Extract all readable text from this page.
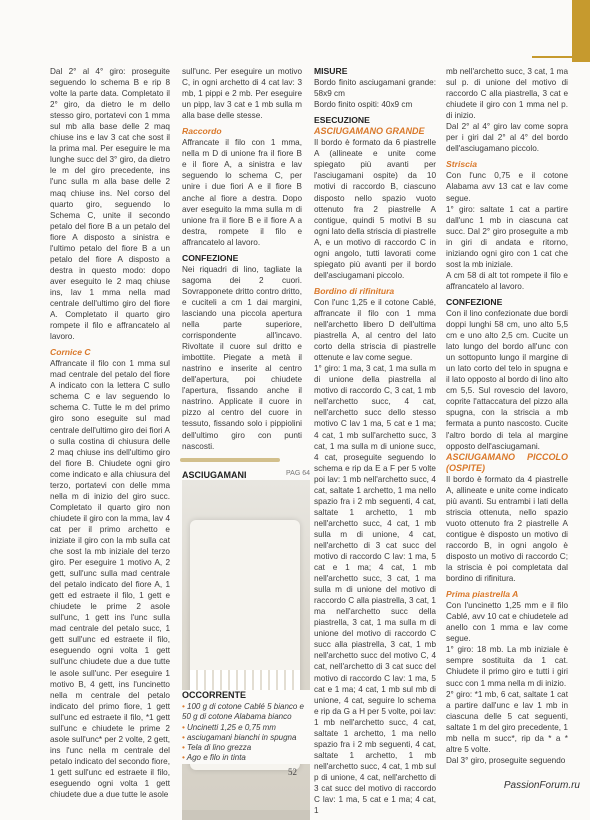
Dal 2° al 4° giro: proseguite seguendo lo schema B e rip 8 volte la parte data. Completato il 2° giro, da dietro le m dello stesso giro, portatevi con 1 mma sul mb alla base delle 2 maq chiuse ins e lav 3 cat che sost il la prima mal. Per eseguire le ma lunghe succ del 3° giro, da dietro le m del giro precedente, ins l'unc sulla m alla base delle 2 maq chiuse ins. Nel corso del quarto giro, seguendo lo Schema C, unite il secondo petalo del fiore B a un petalo del fiore A disposto a sinistra e l'ultimo petalo del fiore B a un petalo del fiore A disposto a destra in questo modo: dopo aver eseguito le 2 maq chiuse ins, lav 1 mma nella mad centrale dell'ultimo giro del fiore A. Completato il quarto giro rompete il filo e affrancatelo al lavoro.

Cornice C

Affrancate il filo con 1 mma sul mad centrale del petalo del fiore A indicato con la lettera C sullo schema C e lav seguendo lo schema C. Tutte le m del primo giro sono eseguite sul mad centrale dell'ultimo giro dei fiori A o sulla costina di chiusura delle 2 maq chiuse ins dell'ultimo giro del fiore B. Chiudete ogni giro come indicato e alla chiusura del terzo, portatevi con delle mma nella m di inizio del giro succ. Completato il quarto giro non chiudete il giro con la mma, lav 4 cat per il primo archetto e iniziate il giro con la mb sulla cat che sost la mb iniziale del terzo giro. Per eseguire 1 motivo A, 2 gett, sull'unc sulla mad centrale del petalo indicato del fiore A, 1 gett ed estraete il filo, 1 gett e chiudete le prime 2 asole sull'unc, 1 gett ins l'unc sulla mad centrale del petalo succ, 1 gett sull'unc ed estraete il filo, eseguendo ogni volta 1 gett sull'unc chiudete due a due tutte le asole sull'unc. Per eseguire 1 motivo B, 4 gett, ins l'uncinetto nella m centrale del petalo indicato del primo fiore, 1 gett sull'unc ed estraete il filo, *1 gett sull'unc e chiudete le prime 2 asole sull'unc* per 2 volte, 2 gett, ins l'unc nella m centrale del petalo indicato del secondo fiore, 1 gett sull'unc ed estraete il filo, eseguendo ogni volta 1 gett chiudete due a due tutte le asole

sull'unc. Per eseguire un motivo C, in ogni archetto di 4 cat lav: 3 mb, 1 pippi e 2 mb. Per eseguire un pipp, lav 3 cat e 1 mb sulla m alla base delle stesse.

Raccordo

Affrancate il filo con 1 mma, nella m D di unione fra il fiore B e il fiore A, a sinistra e lav seguendo lo schema C, per unire i due fiori A e il fiore B anche al fiore a destra. Dopo aver eseguito la mma sulla m di unione fra il fiore B e il fiore A a destra, rompete il filo e affrancatelo al lavoro.

CONFEZIONE

Nei riquadri di lino, tagliate la sagoma dei 2 cuori. Sovrapponete dritto contro dritto, e cuciteli a cm 1 dai margini, lasciando una piccola apertura nella parte superiore, corrispondente all'incavo. Rivoltate il cuore sul dritto e imbottite. Piegate a metà il nastrino e inserite al centro dell'apertura, poi chiudete l'apertura, fissando anche il nastrino. Applicate il cuore in pizzo al centro del cuore in tessuto, fissando solo i pippiolini dell'ultimo giro con punti nascosti.

ASCIUGAMANI	PAG 64
OCCORRENTE
• 100 g di cotone Cablé 5 bianco e 50 g di cotone Alabama bianco
• Uncinetti 1,25 e 0,75 mm
• asciugamani bianchi in spugna
• Tela di lino grezza
• Ago e filo in tinta
MISURE

Bordo finito asciugamani grande: 58x9 cm
Bordo finito ospiti: 40x9 cm

ESECUZIONE
ASCIUGAMANO GRANDE

Il bordo è formato da 6 piastrelle A (allineate e unite come spiegato più avanti per l'asciugamani ospite) da 10 motivi di raccordo B, ciascuno disposto nello spazio vuoto ottenuto fra 2 piastrelle A contigue, quindi 5 motivi B su ogni lato della striscia di piastrelle A, e un motivo di raccordo C in ogni angolo, tutti lavorati come spiegato più avanti per il bordo dell'asciugamani piccolo.

Bordino di rifinitura

Con l'unc 1,25 e il cotone Cablé, affrancate il filo con 1 mma nell'archetto libero D dell'ultima piastrella A, al centro del lato corto della striscia di piastrelle ottenute e lav come segue.

1° giro: 1 ma, 3 cat, 1 ma sulla m di unione della piastrella al motivo di raccordo C, 3 cat, 1 mb nell'archetto succ, 4 cat, nell'archetto succ dello stesso motivo C lav 1 ma, 5 cat e 1 ma; 4 cat, 1 mb sull'archetto succ, 3 cat, 1 ma sulla m di unione succ, 4 cat, proseguite seguendo lo schema e rip da E a F per 5 volte poi lav: 1 mb nell'archetto succ, 4 cat, saltate 1 archetto, 1 ma nello spazio fra i 2 mb seguenti, 4 cat, saltate 1 archetto, 1 mb nell'archetto succ, 4 cat, 1 mb sulla m di unione, 4 cat, nell'archetto di 3 cat succ del motivo di raccordo C lav: 1 ma, 5 cat e 1 ma; 4 cat, 1 mb nell'archetto succ, 3 cat, 1 ma sulla m di unione del motivo di raccordo C alla piastrella, 3 cat, 1 ma nell'archetto succ della piastrella, 3 cat, 1 ma sulla m di unione del motivo di raccordo C succ alla piastrella, 3 cat, 1 mb nell'archetto succ del motivo C, 4 cat, nell'archetto di 3 cat succ del motivo di raccordo C lav: 1 ma, 5 cat e 1 ma; 4 cat, 1 mb sul mb di unione, 4 cat, seguire lo schema e rip da G a H per 5 volte, poi lav: 1 mb nell'archetto succ, 4 cat, saltate 1 archetto, 1 ma nello spazio fra i 2 mb seguenti, 4 cat, saltate 1 archetto, 1 mb nell'archetto succ, 4 cat, 1 mb sul p di unione, 4 cat, nell'archetto di 3 cat succ del motivo di raccordo C lav: 1 ma, 5 cat e 1 ma; 4 cat, 1

mb nell'archetto succ, 3 cat, 1 ma sul p. di unione del motivo di raccordo C alla piastrella, 3 cat e chiudete il giro con 1 mma nel p. di inizio.

Dal 2° al 4° giro lav come sopra per i giri dal 2° al 4° del bordo dell'asciugamano piccolo.

Striscia

Con l'unc 0,75 e il cotone Alabama avv 13 cat e lav come segue.

1° giro: saltate 1 cat a partire dall'unc 1 mb in ciascuna cat succ. Dal 2° giro proseguite a mb in giri di andata e ritorno, iniziando ogni giro con 1 cat che sost la mb iniziale.

A cm 58 di alt tot rompete il filo e affrancatelo al lavoro.

CONFEZIONE

Con il lino confezionate due bordi doppi lunghi 58 cm, uno alto 5,5 cm e uno alto 2,5 cm. Cucite un lato lungo del bordo all'unc con un sottopunto lungo il margine di un lato corto del telo in spugna e il lato opposto al bordo di lino alto cm 5,5. Sul rovescio del lavoro, coprite l'attaccatura del pizzo alla spugna, con la striscia a mb fermata a punto nascosto. Cucite l'altro bordo di tela al margine opposto dell'asciugamani.

ASCIUGAMANO PICCOLO (OSPITE)

Il bordo è formato da 4 piastrelle A, allineate e unite come indicato più avanti. Su entrambi i lati della striscia ottenuta, nello spazio vuoto ottenuto fra 2 piastrelle A contigue è disposto un motivo di raccordo B, in ogni angolo è disposto un motivo di raccordo C; la striscia è poi completata dal bordino di rifinitura.

Prima piastrella A

Con l'uncinetto 1,25 mm e il filo Cablé, avv 10 cat e chiudetele ad anello con 1 mma e lav come segue.

1° giro: 18 mb. La mb iniziale è sempre sostituita da 1 cat. Chiudete il primo giro e tutti i giri succ con 1 mma nella m di inizio.

2° giro: *1 mb, 6 cat, saltate 1 cat a partire dall'unc e lav 1 mb in ciascuna delle 5 cat seguenti, saltate 1 m del giro precedente, 1 mb nella m succ*, rip da * a * altre 5 volte.

Dal 3° giro, proseguite seguendo

52
PassionForum.ru
